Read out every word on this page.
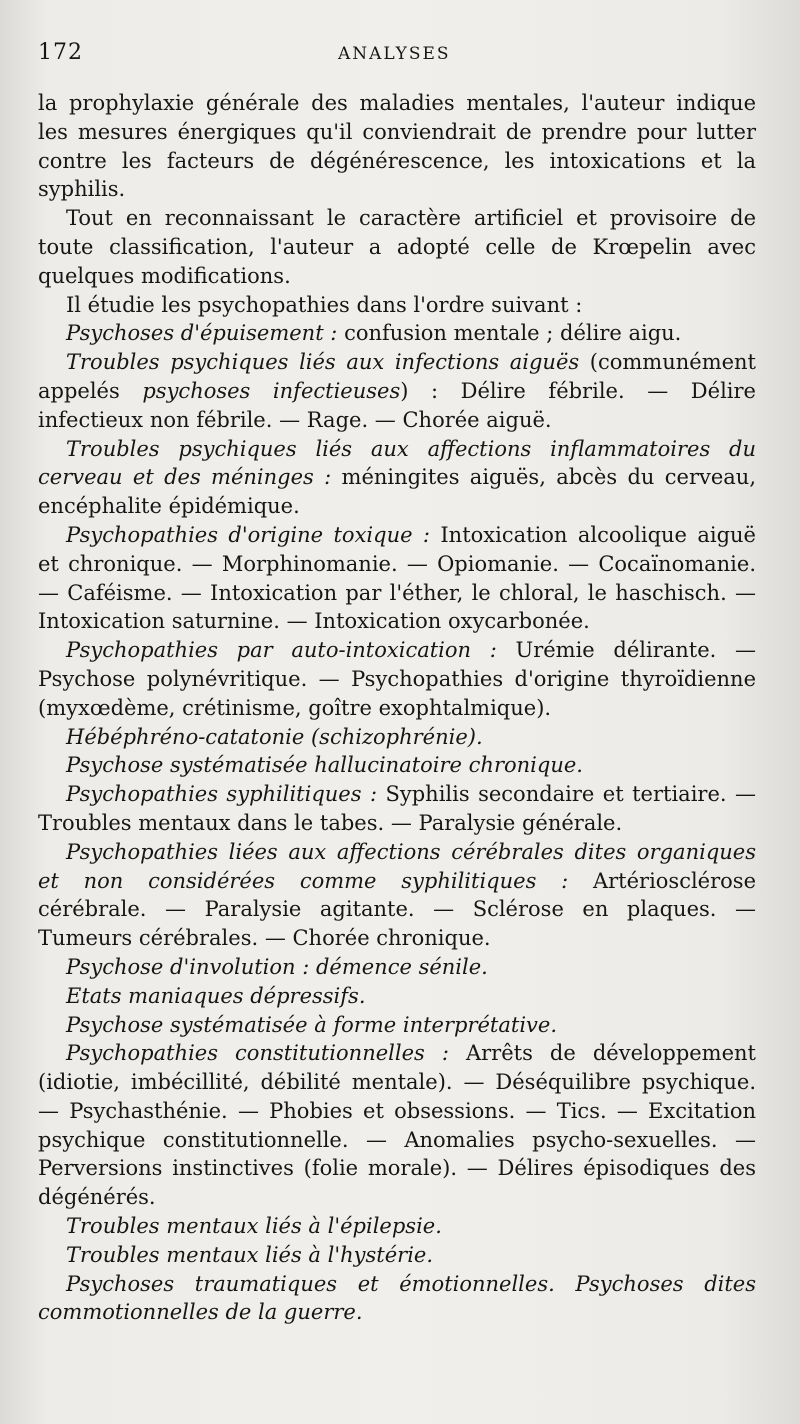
172	ANALYSES

la prophylaxie générale des maladies mentales, l'auteur indique les mesures énergiques qu'il conviendrait de prendre pour lutter contre les facteurs de dégénérescence, les intoxications et la syphilis.

Tout en reconnaissant le caractère artificiel et provisoire de toute classification, l'auteur a adopté celle de Krœpelin avec quelques modifications.

Il étudie les psychopathies dans l'ordre suivant :

Psychoses d'épuisement : confusion mentale ; délire aigu.

Troubles psychiques liés aux infections aiguës (communément appelés psychoses infectieuses) : Délire fébrile. — Délire infectieux non fébrile. — Rage. — Chorée aiguë.

Troubles psychiques liés aux affections inflammatoires du cerveau et des méninges : méningites aiguës, abcès du cerveau, encéphalite épidémique.

Psychopathies d'origine toxique : Intoxication alcoolique aiguë et chronique. — Morphinomanie. — Opiomanie. — Cocaïnomanie. — Caféisme. — Intoxication par l'éther, le chloral, le haschisch. — Intoxication saturnine. — Intoxication oxycarbonée.

Psychopathies par auto-intoxication : Urémie délirante. — Psychose polynévritique. — Psychopathies d'origine thyroïdienne (myxœdème, crétinisme, goître exophtalmique).

Hébéphréno-catatonie (schizophrénie).

Psychose systématisée hallucinatoire chronique.

Psychopathies syphilitiques : Syphilis secondaire et tertiaire. — Troubles mentaux dans le tabes. — Paralysie générale.

Psychopathies liées aux affections cérébrales dites organiques et non considérées comme syphilitiques : Artériosclérose cérébrale. — Paralysie agitante. — Sclérose en plaques. — Tumeurs cérébrales. — Chorée chronique.

Psychose d'involution : démence sénile.

Etats maniaques dépressifs.

Psychose systématisée à forme interprétative.

Psychopathies constitutionnelles : Arrêts de développement (idiotie, imbécillité, débilité mentale). — Déséquilibre psychique. — Psychasthénie. — Phobies et obsessions. — Tics. — Excitation psychique constitutionnelle. — Anomalies psycho-sexuelles. — Perversions instinctives (folie morale). — Délires épisodiques des dégénérés.

Troubles mentaux liés à l'épilepsie.

Troubles mentaux liés à l'hystérie.

Psychoses traumatiques et émotionnelles. Psychoses dites commotionnelles de la guerre.
